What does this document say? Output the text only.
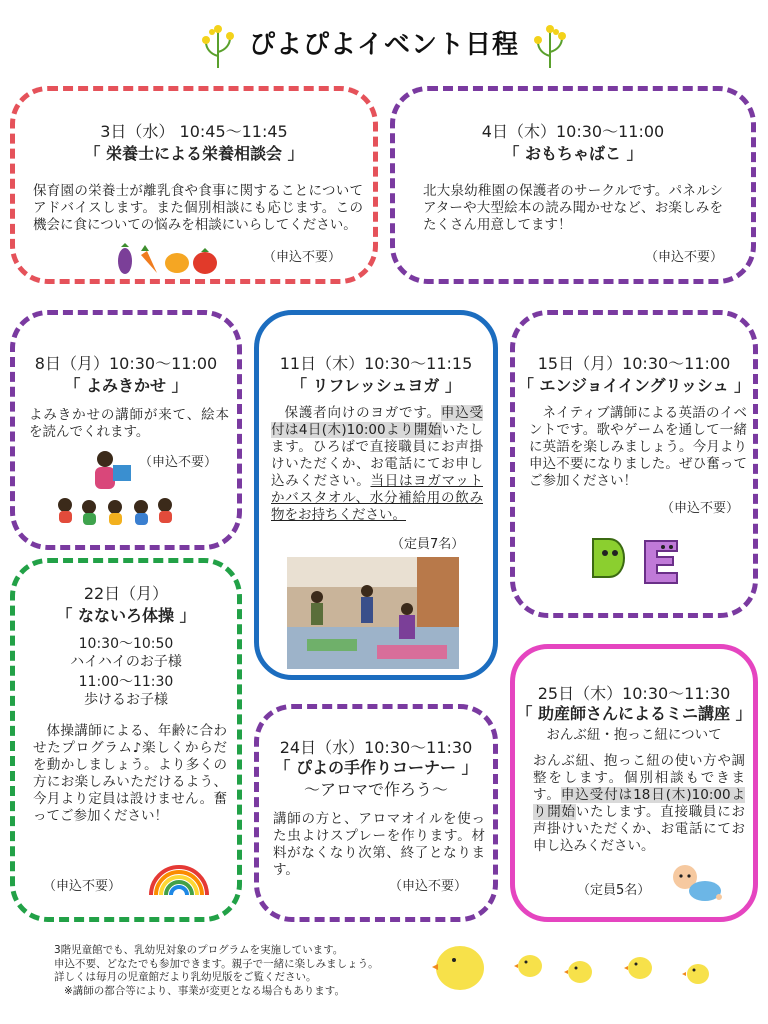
ぴよぴよイベント日程
3日（水） 10:45～11:45
「 栄養士による栄養相談会 」
保育園の栄養士が離乳食や食事に関することについてアドバイスします。また個別相談にも応じます。この機会に食についての悩みを相談にいらしてください。
（申込不要）
4日（木）10:30～11:00
「 おもちゃばこ 」
北大泉幼稚園の保護者のサークルです。パネルシアターや大型絵本の読み聞かせなど、お楽しみをたくさん用意してます！
（申込不要）
8日（月）10:30～11:00
「 よみきかせ 」
よみきかせの講師が来て、絵本を読んでくれます。
（申込不要）
11日（木）10:30～11:15
「 リフレッシュヨガ 」
保護者向けのヨガです。申込受付は4日(木)10:00より開始いたします。ひろばで直接職員にお声掛けいただくか、お電話にてお申し込みください。当日はヨガマットかバスタオル、水分補給用の飲み物をお持ちください。
（定員7名）
15日（月）10:30～11:00
「 エンジョイイングリッシュ 」
ネイティブ講師による英語のイベントです。歌やゲームを通して一緒に英語を楽しみましょう。今月より申込不要になりました。ぜひ奮ってご参加ください！
（申込不要）
22日（月）
「 なないろ体操 」
10:30～10:50
ハイハイのお子様
11:00～11:30
歩けるお子様
体操講師による、年齢に合わせたプログラム♪楽しくからだを動かしましょう。より多くの方にお楽しみいただけるよう、今月より定員は設けません。奮ってご参加ください！
（申込不要）
24日（水）10:30～11:30
「 ぴよの手作りコーナー 」
～アロマで作ろう～
講師の方と、アロマオイルを使った虫よけスプレーを作ります。材料がなくなり次第、終了となります。
（申込不要）
25日（木）10:30～11:30
「 助産師さんによるミニ講座 」
おんぶ紐・抱っこ紐について
おんぶ紐、抱っこ紐の使い方や調整をします。個別相談もできます。申込受付は18日(木)10:00より開始いたします。直接職員にお声掛けいただくか、お電話にてお申し込みください。
（定員5名）
3階児童館でも、乳幼児対象のプログラムを実施しています。
申込不要、どなたでも参加できます。親子で一緒に楽しみましょう。
詳しくは毎月の児童館だより乳幼児版をご覧ください。
※講師の都合等により、事業が変更となる場合もあります。
